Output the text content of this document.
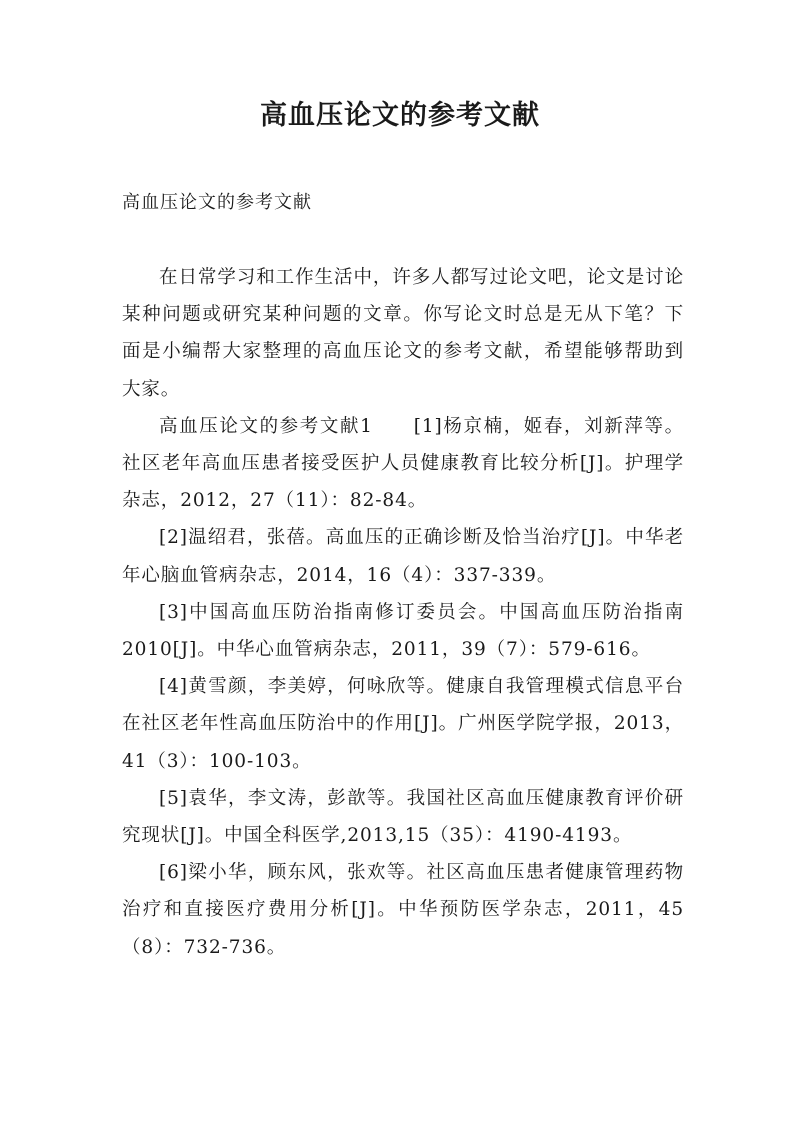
高血压论文的参考文献

高血压论文的参考文献

在日常学习和工作生活中，许多人都写过论文吧，论文是讨论某种问题或研究某种问题的文章。你写论文时总是无从下笔？下面是小编帮大家整理的高血压论文的参考文献，希望能够帮助到大家。

高血压论文的参考文献1　　[1]杨京楠，姬春，刘新萍等。社区老年高血压患者接受医护人员健康教育比较分析[J]。护理学杂志，2012，27（11）：82-84。

[2]温绍君，张蓓。高血压的正确诊断及恰当治疗[J]。中华老年心脑血管病杂志，2014，16（4）：337-339。

[3]中国高血压防治指南修订委员会。中国高血压防治指南2010[J]。中华心血管病杂志，2011，39（7）：579-616。

[4]黄雪颜，李美婷，何咏欣等。健康自我管理模式信息平台在社区老年性高血压防治中的作用[J]。广州医学院学报，2013，41（3）：100-103。

[5]袁华，李文涛，彭歆等。我国社区高血压健康教育评价研究现状[J]。中国全科医学,2013,15（35）：4190-4193。

[6]梁小华，顾东风，张欢等。社区高血压患者健康管理药物治疗和直接医疗费用分析[J]。中华预防医学杂志，2011，45（8）：732-736。
